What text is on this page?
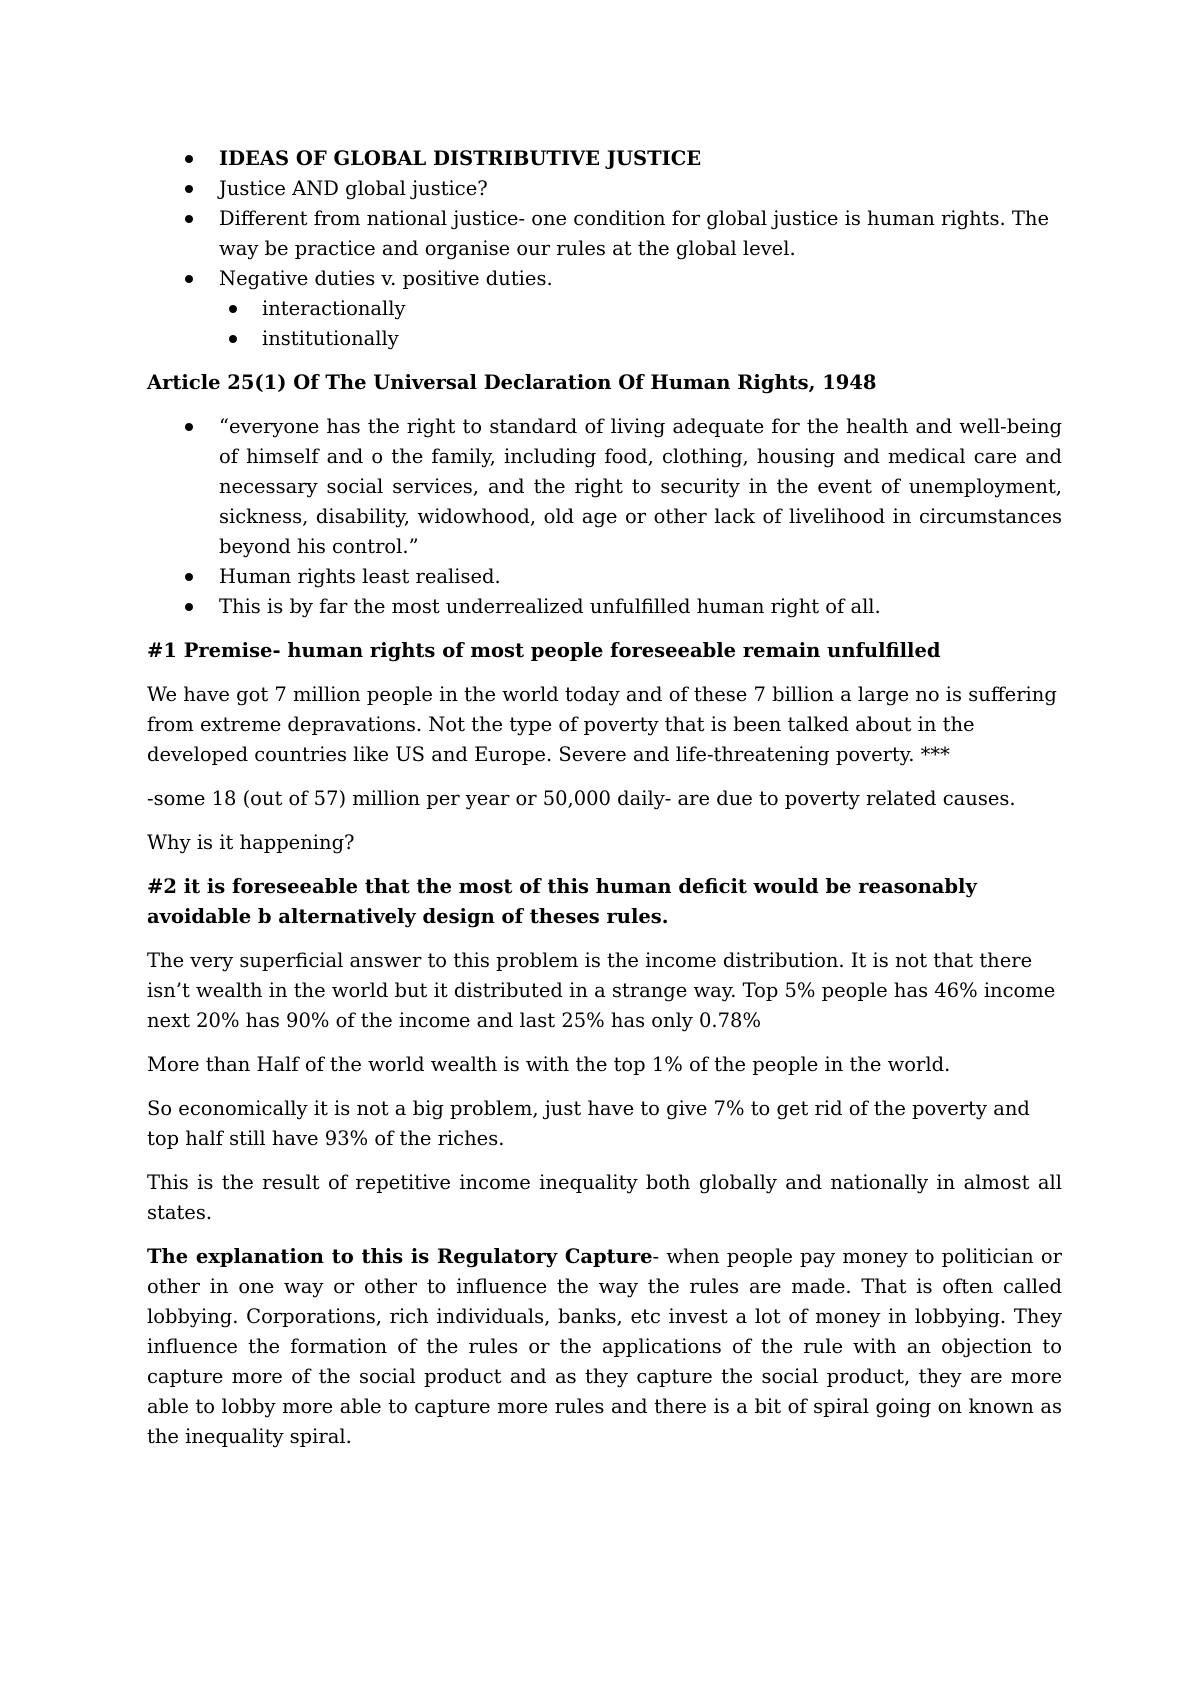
IDEAS OF GLOBAL DISTRIBUTIVE JUSTICE
Justice AND global justice?
Different from national justice- one condition for global justice is human rights. The way be practice and organise our rules at the global level.
Negative duties v. positive duties.
interactionally
institutionally

Article 25(1) Of The Universal Declaration Of Human Rights, 1948

“everyone has the right to standard of living adequate for the health and well-being of himself and o the family, including food, clothing, housing and medical care and necessary social services, and the right to security in the event of unemployment, sickness, disability, widowhood, old age or other lack of livelihood in circumstances beyond his control.”
Human rights least realised.
This is by far the most underrealized unfulfilled human right of all.

#1 Premise- human rights of most people foreseeable remain unfulfilled

We have got 7 million people in the world today and of these 7 billion a large no is suffering from extreme depravations. Not the type of poverty that is been talked about in the developed countries like US and Europe. Severe and life-threatening poverty. ***

-some 18 (out of 57) million per year or 50,000 daily- are due to poverty related causes.

Why is it happening?

#2 it is foreseeable that the most of this human deficit would be reasonably avoidable b alternatively design of theses rules.

The very superficial answer to this problem is the income distribution. It is not that there isn’t wealth in the world but it distributed in a strange way. Top 5% people has 46% income next 20% has 90% of the income and last 25% has only 0.78%

More than Half of the world wealth is with the top 1% of the people in the world.

So economically it is not a big problem, just have to give 7% to get rid of the poverty and top half still have 93% of the riches.

This is the result of repetitive income inequality both globally and nationally in almost all states.

The explanation to this is Regulatory Capture- when people pay money to politician or other in one way or other to influence the way the rules are made. That is often called lobbying. Corporations, rich individuals, banks, etc invest a lot of money in lobbying. They influence the formation of the rules or the applications of the rule with an objection to capture more of the social product and as they capture the social product, they are more able to lobby more able to capture more rules and there is a bit of spiral going on known as the inequality spiral.
